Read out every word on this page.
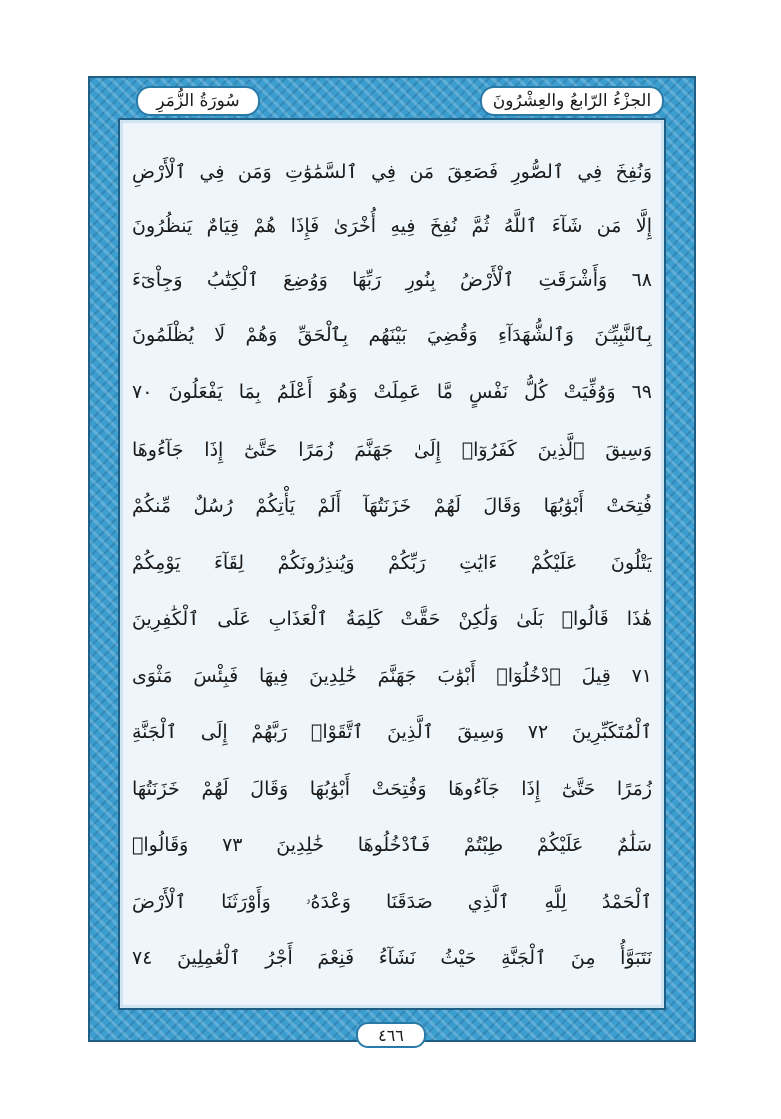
الجزْءُ الرّابعُ والعِشْرُونَ
سُورَةُ الزُّمَرِ
وَنُفِخَ فِي ٱلصُّورِ فَصَعِقَ مَن فِي ٱلسَّمَٰوَٰتِ وَمَن فِي ٱلْأَرْضِ
إِلَّا مَن شَآءَ ٱللَّهُ ثُمَّ نُفِخَ فِيهِ أُخْرَىٰ فَإِذَا هُمْ قِيَامٌ يَنظُرُونَ
٦٨ وَأَشْرَقَتِ ٱلْأَرْضُ بِنُورِ رَبِّهَا وَوُضِعَ ٱلْكِتَٰبُ وَجِاْىٓءَ
بِٱلنَّبِيِّـۧنَ وَٱلشُّهَدَآءِ وَقُضِيَ بَيْنَهُم بِٱلْحَقِّ وَهُمْ لَا يُظْلَمُونَ
٦٩ وَوُفِّيَتْ كُلُّ نَفْسٍ مَّا عَمِلَتْ وَهُوَ أَعْلَمُ بِمَا يَفْعَلُونَ ٧٠
وَسِيقَ ٱلَّذِينَ كَفَرُوٓا۟ إِلَىٰ جَهَنَّمَ زُمَرًا حَتَّىٰٓ إِذَا جَآءُوهَا
فُتِحَتْ أَبْوَٰبُهَا وَقَالَ لَهُمْ خَزَنَتُهَآ أَلَمْ يَأْتِكُمْ رُسُلٌ مِّنكُمْ
يَتْلُونَ عَلَيْكُمْ ءَايَٰتِ رَبِّكُمْ وَيُنذِرُونَكُمْ لِقَآءَ يَوْمِكُمْ
هَٰذَا قَالُوا۟ بَلَىٰ وَلَٰكِنْ حَقَّتْ كَلِمَةُ ٱلْعَذَابِ عَلَى ٱلْكَٰفِرِينَ
٧١ قِيلَ ٱدْخُلُوٓا۟ أَبْوَٰبَ جَهَنَّمَ خَٰلِدِينَ فِيهَا فَبِئْسَ مَثْوَى
ٱلْمُتَكَبِّرِينَ ٧٢ وَسِيقَ ٱلَّذِينَ ٱتَّقَوْا۟ رَبَّهُمْ إِلَى ٱلْجَنَّةِ
زُمَرًا حَتَّىٰٓ إِذَا جَآءُوهَا وَفُتِحَتْ أَبْوَٰبُهَا وَقَالَ لَهُمْ خَزَنَتُهَا
سَلَٰمٌ عَلَيْكُمْ طِبْتُمْ فَٱدْخُلُوهَا خَٰلِدِينَ ٧٣ وَقَالُوا۟
ٱلْحَمْدُ لِلَّهِ ٱلَّذِي صَدَقَنَا وَعْدَهُۥ وَأَوْرَثَنَا ٱلْأَرْضَ
نَتَبَوَّأُ مِنَ ٱلْجَنَّةِ حَيْثُ نَشَآءُ فَنِعْمَ أَجْرُ ٱلْعَٰمِلِينَ ٧٤
٤٦٦
